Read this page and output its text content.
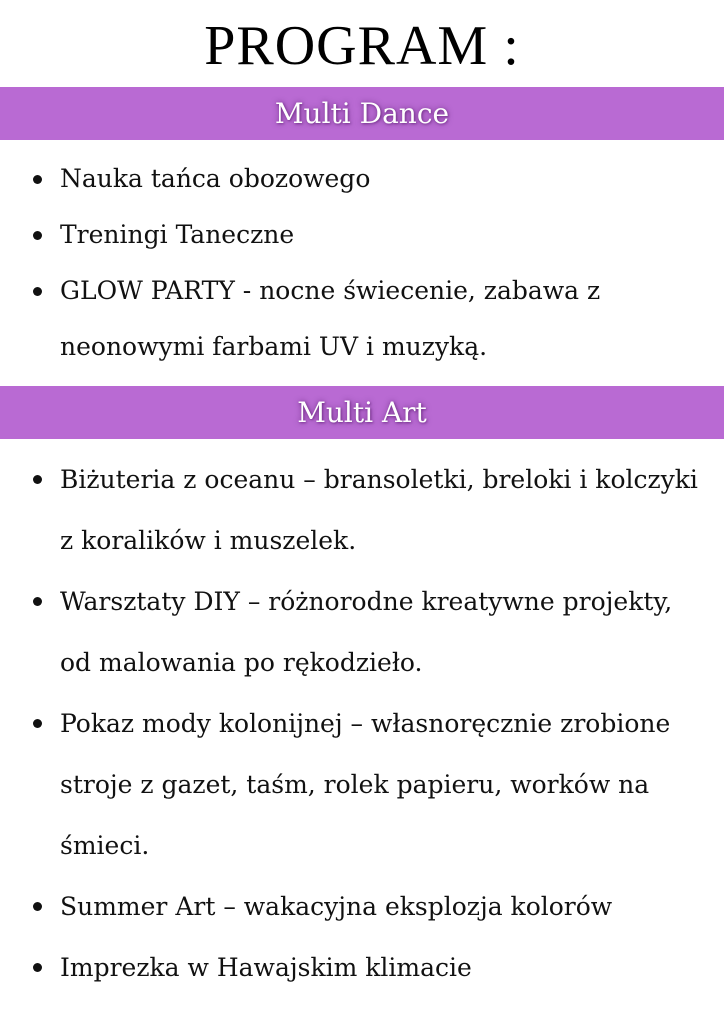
PROGRAM :
Multi Dance
Nauka tańca obozowego
Treningi Taneczne
GLOW PARTY - nocne świecenie, zabawa z neonowymi farbami UV i muzyką.
Multi Art
Biżuteria z oceanu – bransoletki, breloki i kolczyki z koralików i muszelek.
Warsztaty DIY – różnorodne kreatywne projekty, od malowania po rękodzieło.
Pokaz mody kolonijnej – własnoręcznie zrobione stroje z gazet, taśm, rolek papieru, worków na śmieci.
Summer Art – wakacyjna eksplozja kolorów
Imprezka w Hawajskim klimacie
